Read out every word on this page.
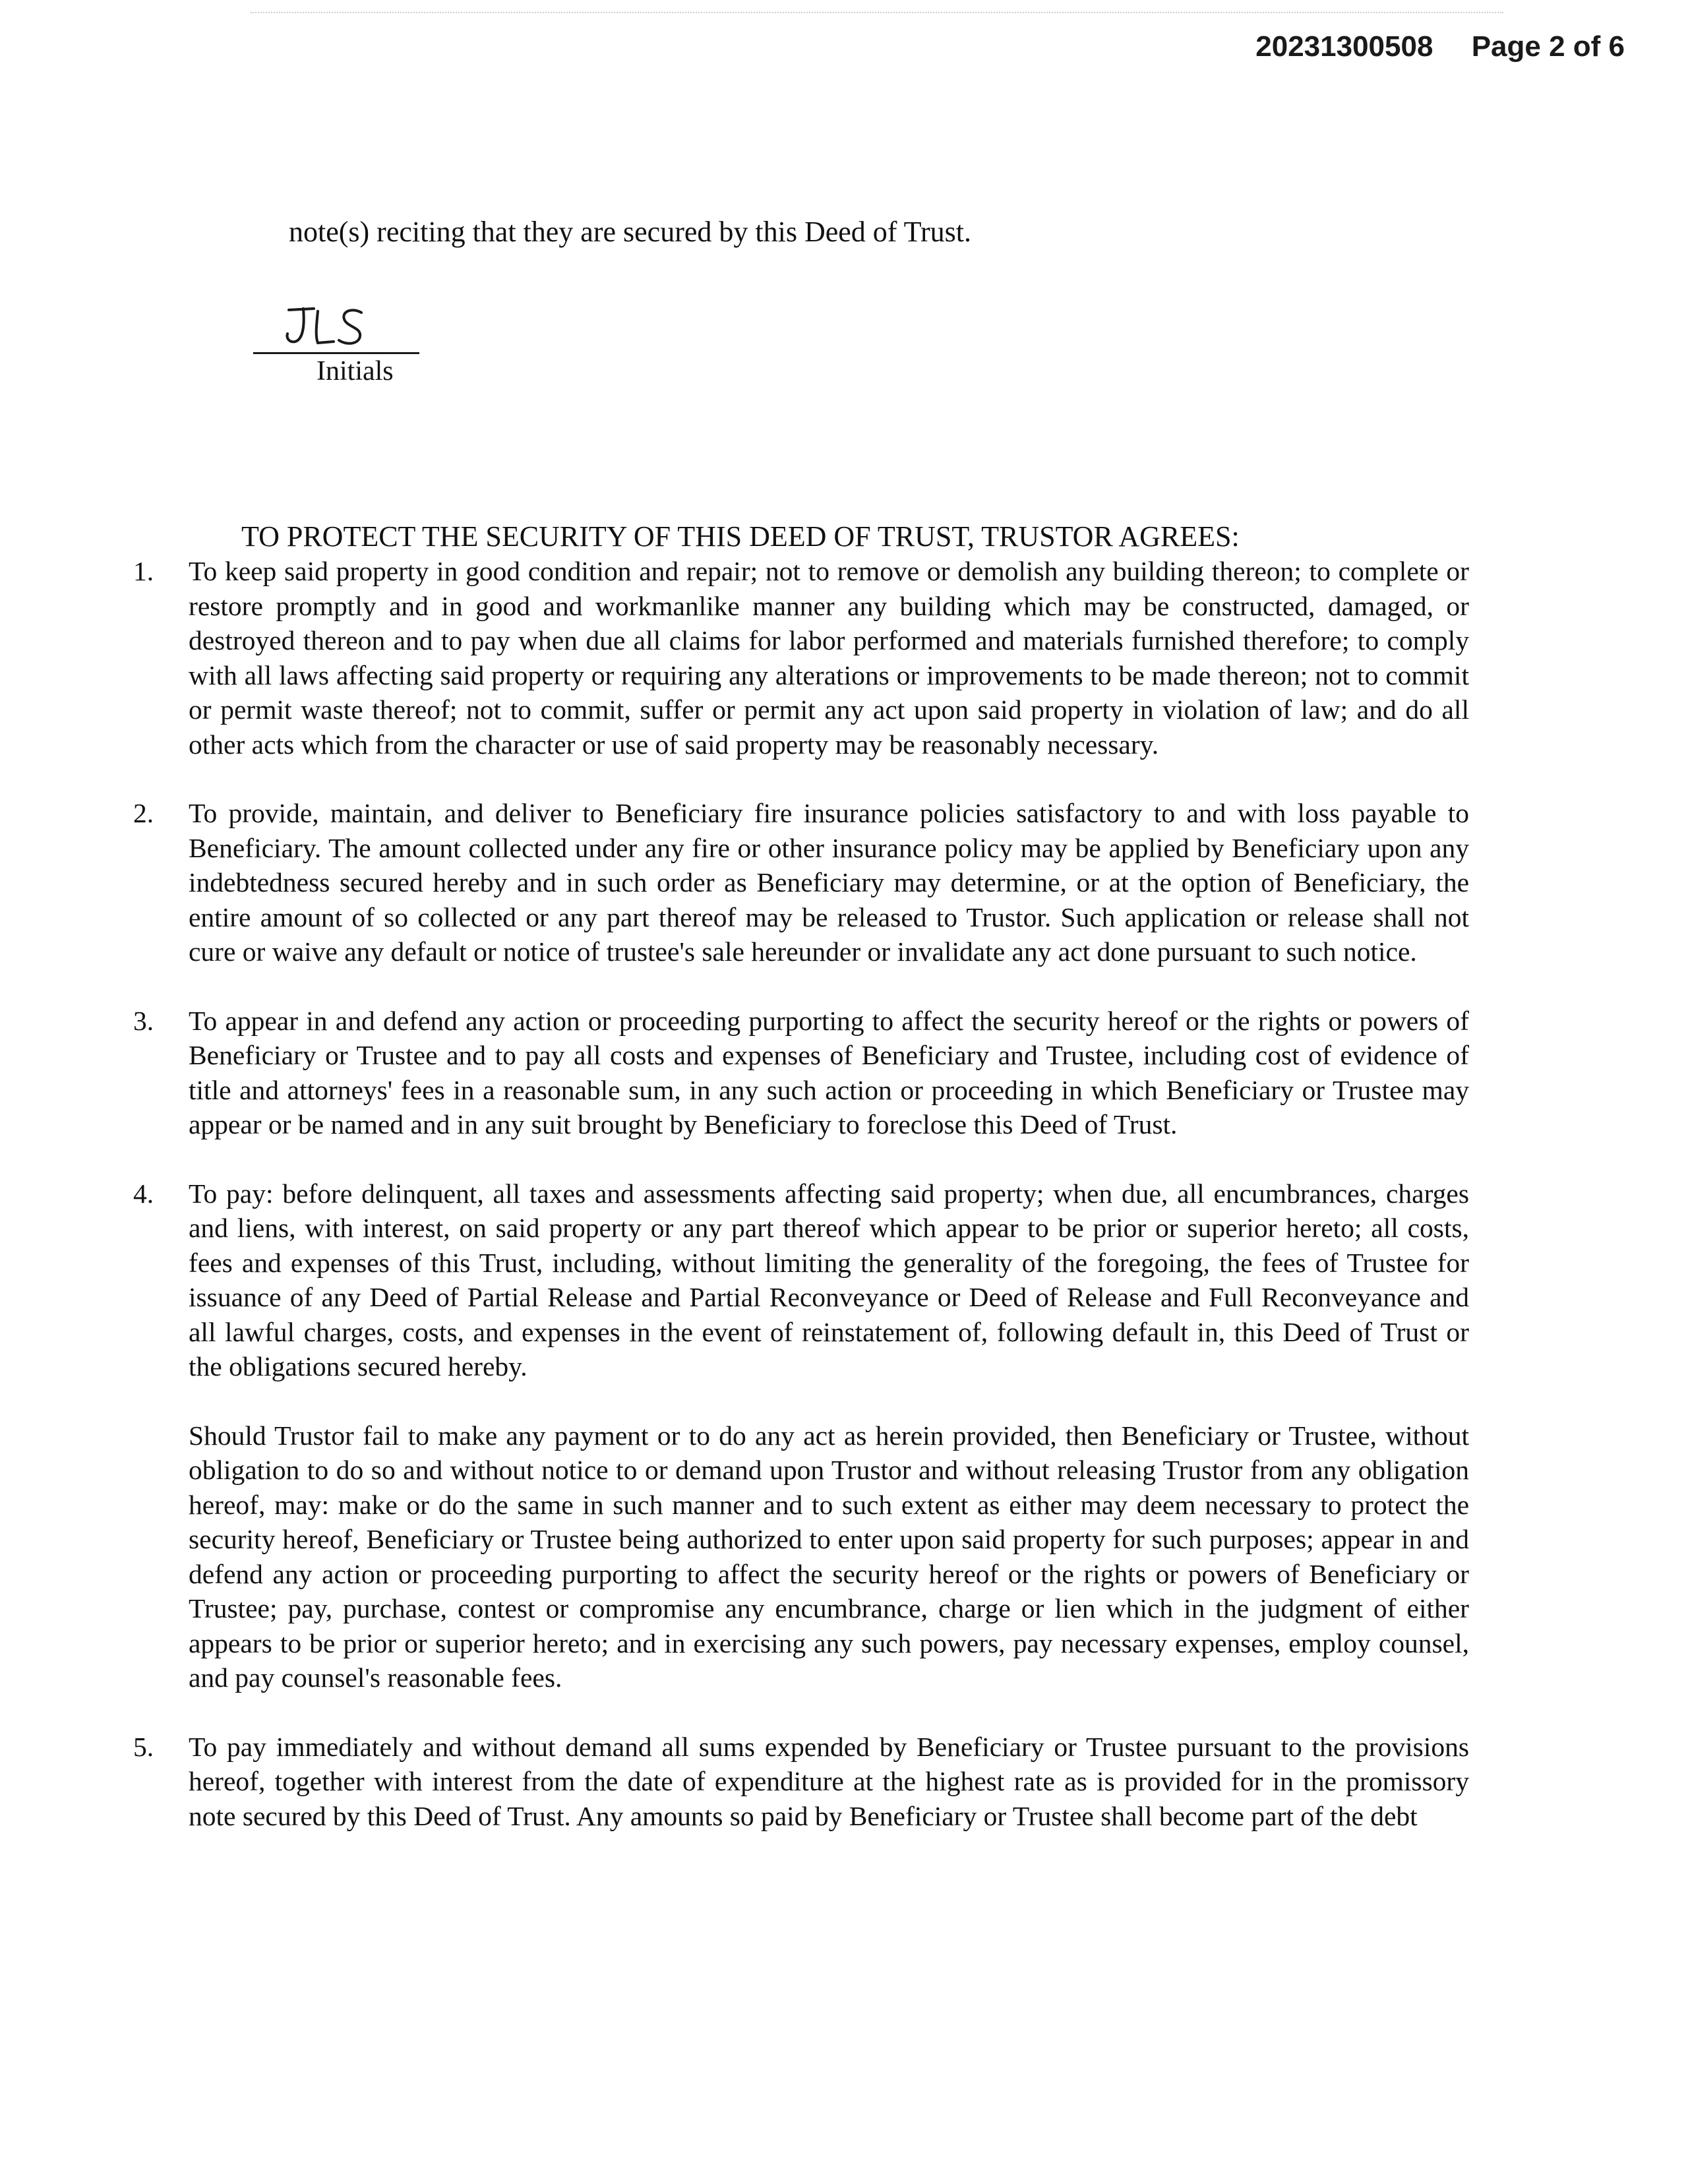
20231300508 Page 2 of 6
note(s) reciting that they are secured by this Deed of Trust.
Initials
TO PROTECT THE SECURITY OF THIS DEED OF TRUST, TRUSTOR AGREES:
1. To keep said property in good condition and repair; not to remove or demolish any building thereon; to complete or restore promptly and in good and workmanlike manner any building which may be constructed, damaged, or destroyed thereon and to pay when due all claims for labor performed and materials furnished therefore; to comply with all laws affecting said property or requiring any alterations or improvements to be made thereon; not to commit or permit waste thereof; not to commit, suffer or permit any act upon said property in violation of law; and do all other acts which from the character or use of said property may be reasonably necessary.

2. To provide, maintain, and deliver to Beneficiary fire insurance policies satisfactory to and with loss payable to Beneficiary. The amount collected under any fire or other insurance policy may be applied by Beneficiary upon any indebtedness secured hereby and in such order as Beneficiary may determine, or at the option of Beneficiary, the entire amount of so collected or any part thereof may be released to Trustor. Such application or release shall not cure or waive any default or notice of trustee's sale hereunder or invalidate any act done pursuant to such notice.

3. To appear in and defend any action or proceeding purporting to affect the security hereof or the rights or powers of Beneficiary or Trustee and to pay all costs and expenses of Beneficiary and Trustee, including cost of evidence of title and attorneys' fees in a reasonable sum, in any such action or proceeding in which Beneficiary or Trustee may appear or be named and in any suit brought by Beneficiary to foreclose this Deed of Trust.

4. To pay: before delinquent, all taxes and assessments affecting said property; when due, all encumbrances, charges and liens, with interest, on said property or any part thereof which appear to be prior or superior hereto; all costs, fees and expenses of this Trust, including, without limiting the generality of the foregoing, the fees of Trustee for issuance of any Deed of Partial Release and Partial Reconveyance or Deed of Release and Full Reconveyance and all lawful charges, costs, and expenses in the event of reinstatement of, following default in, this Deed of Trust or the obligations secured hereby.

Should Trustor fail to make any payment or to do any act as herein provided, then Beneficiary or Trustee, without obligation to do so and without notice to or demand upon Trustor and without releasing Trustor from any obligation hereof, may: make or do the same in such manner and to such extent as either may deem necessary to protect the security hereof, Beneficiary or Trustee being authorized to enter upon said property for such purposes; appear in and defend any action or proceeding purporting to affect the security hereof or the rights or powers of Beneficiary or Trustee; pay, purchase, contest or compromise any encumbrance, charge or lien which in the judgment of either appears to be prior or superior hereto; and in exercising any such powers, pay necessary expenses, employ counsel, and pay counsel's reasonable fees.

5. To pay immediately and without demand all sums expended by Beneficiary or Trustee pursuant to the provisions hereof, together with interest from the date of expenditure at the highest rate as is provided for in the promissory note secured by this Deed of Trust. Any amounts so paid by Beneficiary or Trustee shall become part of the debt
